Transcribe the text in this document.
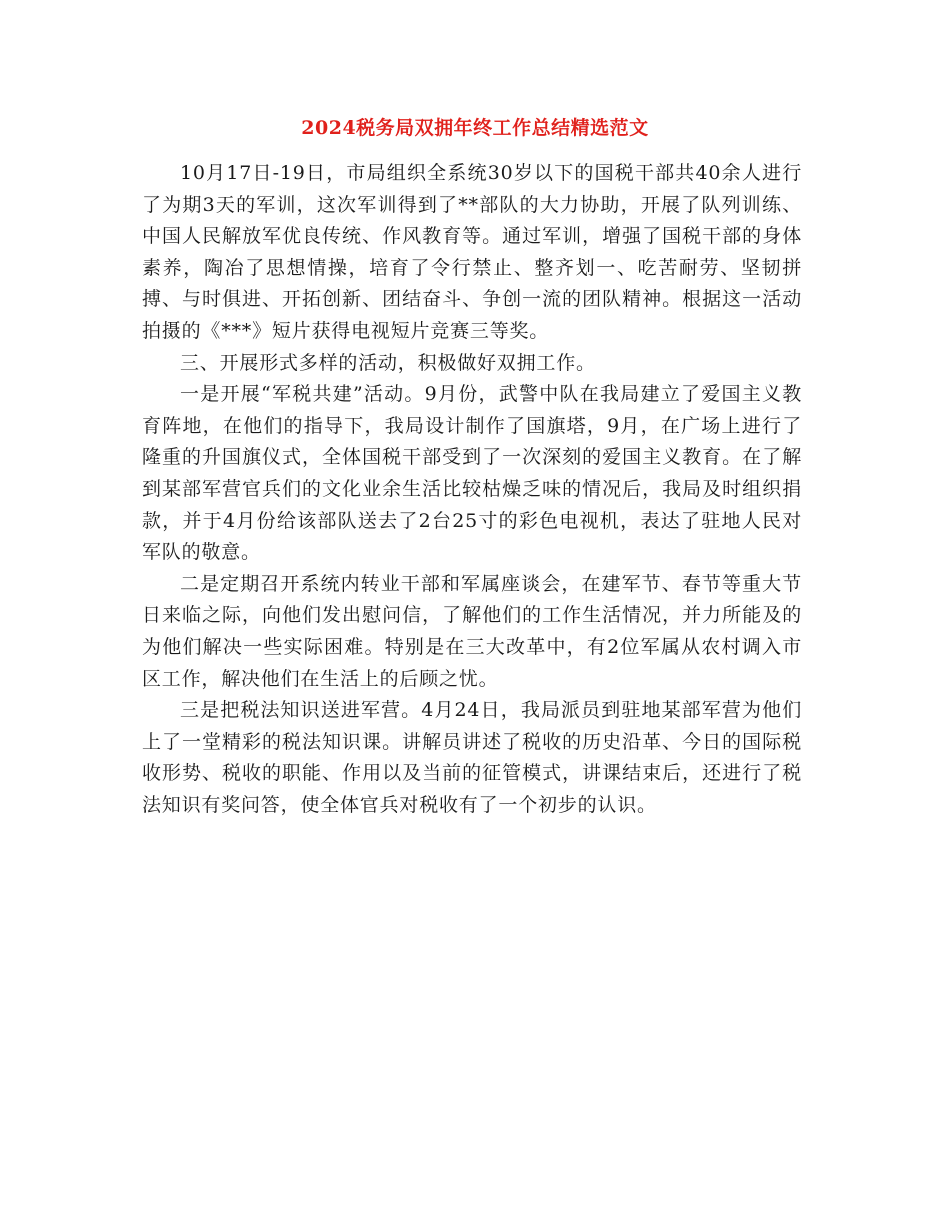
2024税务局双拥年终工作总结精选范文

10月17日-19日，市局组织全系统30岁以下的国税干部共40余人进行了为期3天的军训，这次军训得到了**部队的大力协助，开展了队列训练、中国人民解放军优良传统、作风教育等。通过军训，增强了国税干部的身体素养，陶冶了思想情操，培育了令行禁止、整齐划一、吃苦耐劳、坚韧拼搏、与时俱进、开拓创新、团结奋斗、争创一流的团队精神。根据这一活动拍摄的《***》短片获得电视短片竞赛三等奖。

三、开展形式多样的活动，积极做好双拥工作。

一是开展“军税共建”活动。9月份，武警中队在我局建立了爱国主义教育阵地，在他们的指导下，我局设计制作了国旗塔，9月，在广场上进行了隆重的升国旗仪式，全体国税干部受到了一次深刻的爱国主义教育。在了解到某部军营官兵们的文化业余生活比较枯燥乏味的情况后，我局及时组织捐款，并于4月份给该部队送去了2台25寸的彩色电视机，表达了驻地人民对军队的敬意。

二是定期召开系统内转业干部和军属座谈会，在建军节、春节等重大节日来临之际，向他们发出慰问信，了解他们的工作生活情况，并力所能及的为他们解决一些实际困难。特别是在三大改革中，有2位军属从农村调入市区工作，解决他们在生活上的后顾之忧。

三是把税法知识送进军营。4月24日，我局派员到驻地某部军营为他们上了一堂精彩的税法知识课。讲解员讲述了税收的历史沿革、今日的国际税收形势、税收的职能、作用以及当前的征管模式，讲课结束后，还进行了税法知识有奖问答，使全体官兵对税收有了一个初步的认识。
